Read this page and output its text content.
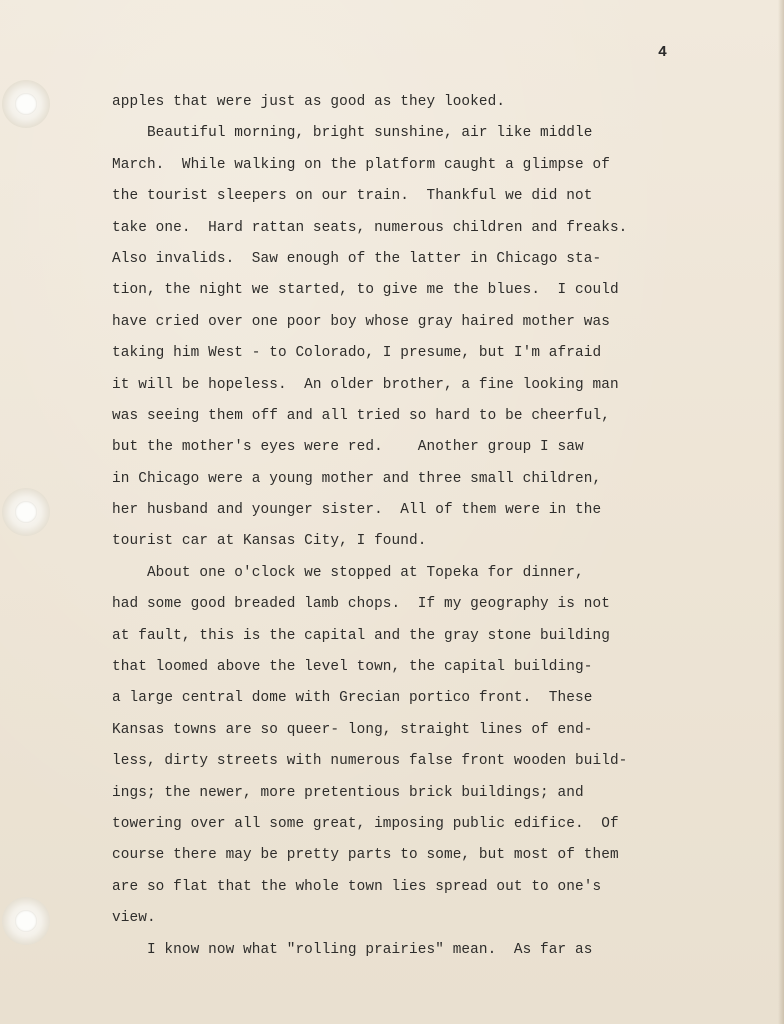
4
apples that were just as good as they looked.
Beautiful morning, bright sunshine, air like middle
March.  While walking on the platform caught a glimpse of
the tourist sleepers on our train.  Thankful we did not
take one.  Hard rattan seats, numerous children and freaks.
Also invalids.  Saw enough of the latter in Chicago sta-
tion, the night we started, to give me the blues.  I could
have cried over one poor boy whose gray haired mother was
taking him West - to Colorado, I presume, but I'm afraid
it will be hopeless.  An older brother, a fine looking man
was seeing them off and all tried so hard to be cheerful,
but the mother's eyes were red.    Another group I saw
in Chicago were a young mother and three small children,
her husband and younger sister.  All of them were in the
tourist car at Kansas City, I found.
About one o'clock we stopped at Topeka for dinner,
had some good breaded lamb chops.  If my geography is not
at fault, this is the capital and the gray stone building
that loomed above the level town, the capital building-
a large central dome with Grecian portico front.  These
Kansas towns are so queer- long, straight lines of end-
less, dirty streets with numerous false front wooden build-
ings; the newer, more pretentious brick buildings; and
towering over all some great, imposing public edifice.  Of
course there may be pretty parts to some, but most of them
are so flat that the whole town lies spread out to one's
view.
I know now what "rolling prairies" mean.  As far as
